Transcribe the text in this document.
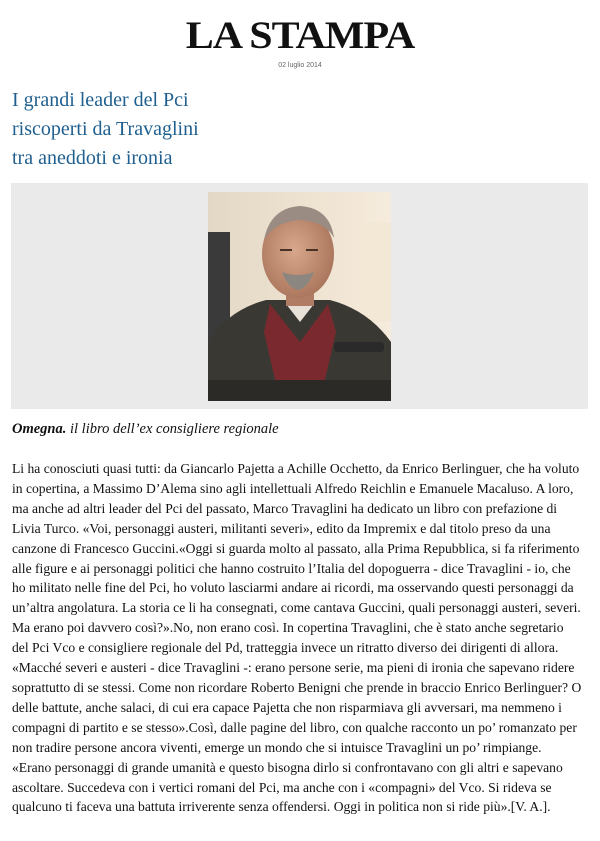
LA STAMPA
02 luglio 2014
I grandi leader del Pci
riscoperti da Travaglini
tra aneddoti e ironia
Omegna. il libro dell’ex consigliere regionale
Li ha conosciuti quasi tutti: da Giancarlo Pajetta a Achille Occhetto, da Enrico Berlinguer, che ha voluto
in copertina, a Massimo D’Alema sino agli intellettuali Alfredo Reichlin e Emanuele Macaluso. A loro,
ma anche ad altri leader del Pci del passato, Marco Travaglini ha dedicato un libro con prefazione di
Livia Turco. «Voi, personaggi austeri, militanti severi», edito da Impremix e dal titolo preso da una
canzone di Francesco Guccini.«Oggi si guarda molto al passato, alla Prima Repubblica, si fa riferimento
alle figure e ai personaggi politici che hanno costruito l’Italia del dopoguerra - dice Travaglini - io, che
ho militato nelle fine del Pci, ho voluto lasciarmi andare ai ricordi, ma osservando questi personaggi da
un’altra angolatura. La storia ce li ha consegnati, come cantava Guccini, quali personaggi austeri, severi.
Ma erano poi davvero così?».No, non erano così. In copertina Travaglini, che è stato anche segretario
del Pci Vco e consigliere regionale del Pd, tratteggia invece un ritratto diverso dei dirigenti di allora.
«Macché severi e austeri - dice Travaglini -: erano persone serie, ma pieni di ironia che sapevano ridere
soprattutto di se stessi. Come non ricordare Roberto Benigni che prende in braccio Enrico Berlinguer? O
delle battute, anche salaci, di cui era capace Pajetta che non risparmiava gli avversari, ma nemmeno i
compagni di partito e se stesso».Così, dalle pagine del libro, con qualche racconto un po’ romanzato per
non tradire persone ancora viventi, emerge un mondo che si intuisce Travaglini un po’ rimpiange.
«Erano personaggi di grande umanità e questo bisogna dirlo si confrontavano con gli altri e sapevano
ascoltare. Succedeva con i vertici romani del Pci, ma anche con i «compagni» del Vco. Si rideva se
qualcuno ti faceva una battuta irriverente senza offendersi. Oggi in politica non si ride più».[V. A.].
